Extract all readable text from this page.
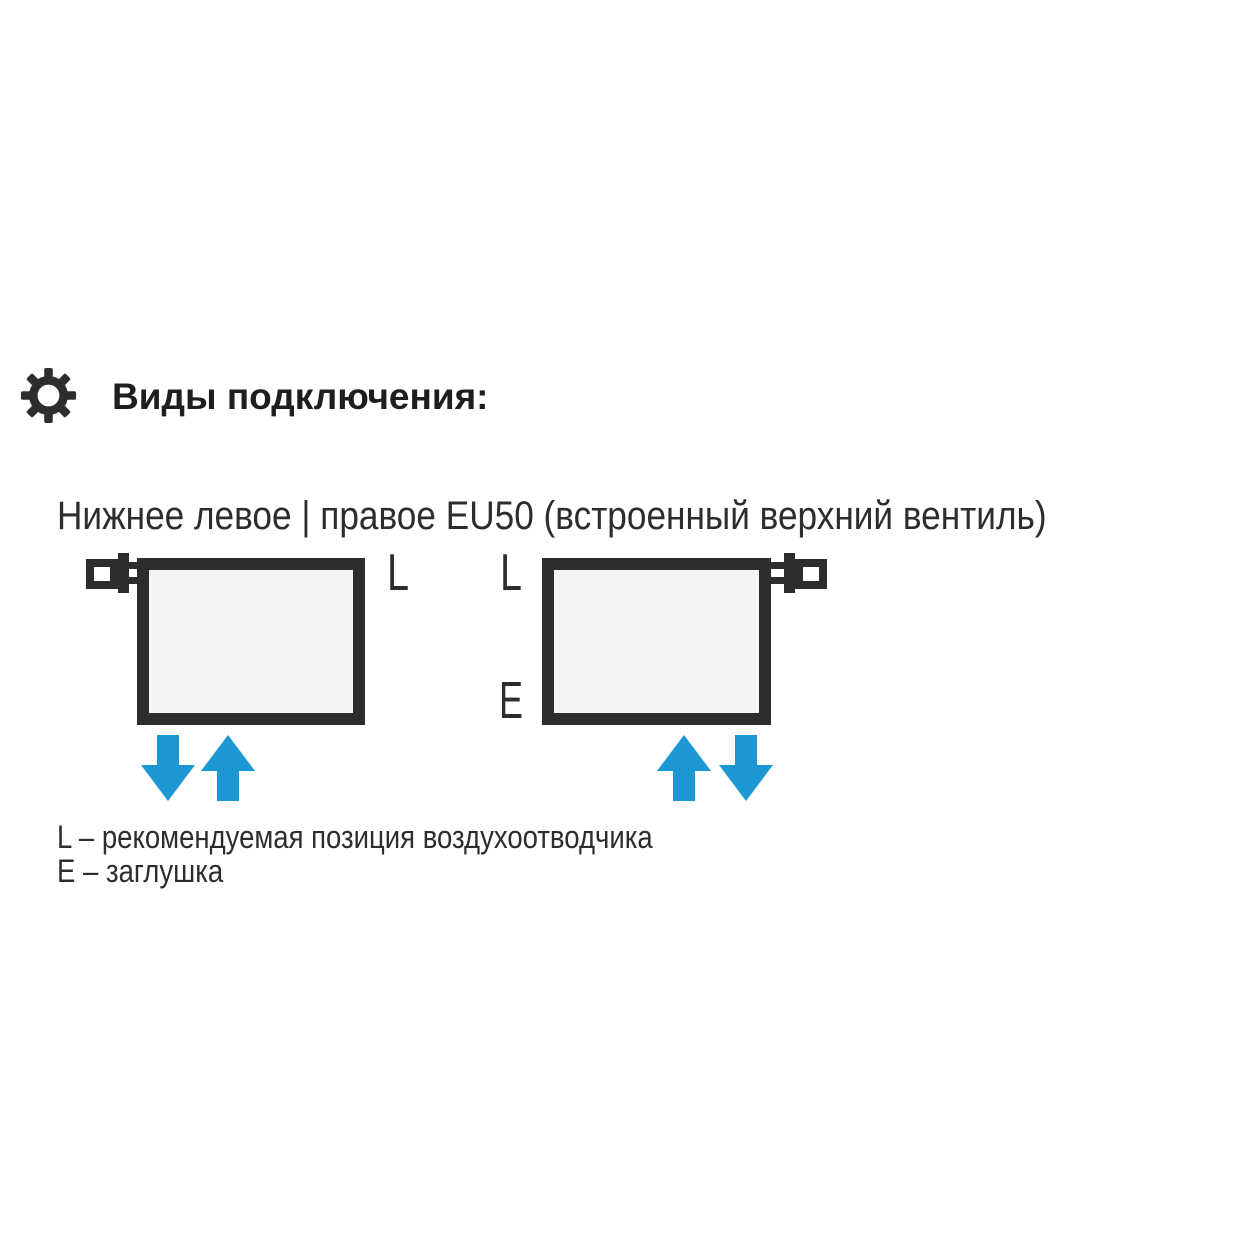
Виды подключения:
Нижнее левое | правое EU50 (встроенный верхний вентиль)
L L
E
L – рекомендуемая позиция воздухоотводчика
E – заглушка
